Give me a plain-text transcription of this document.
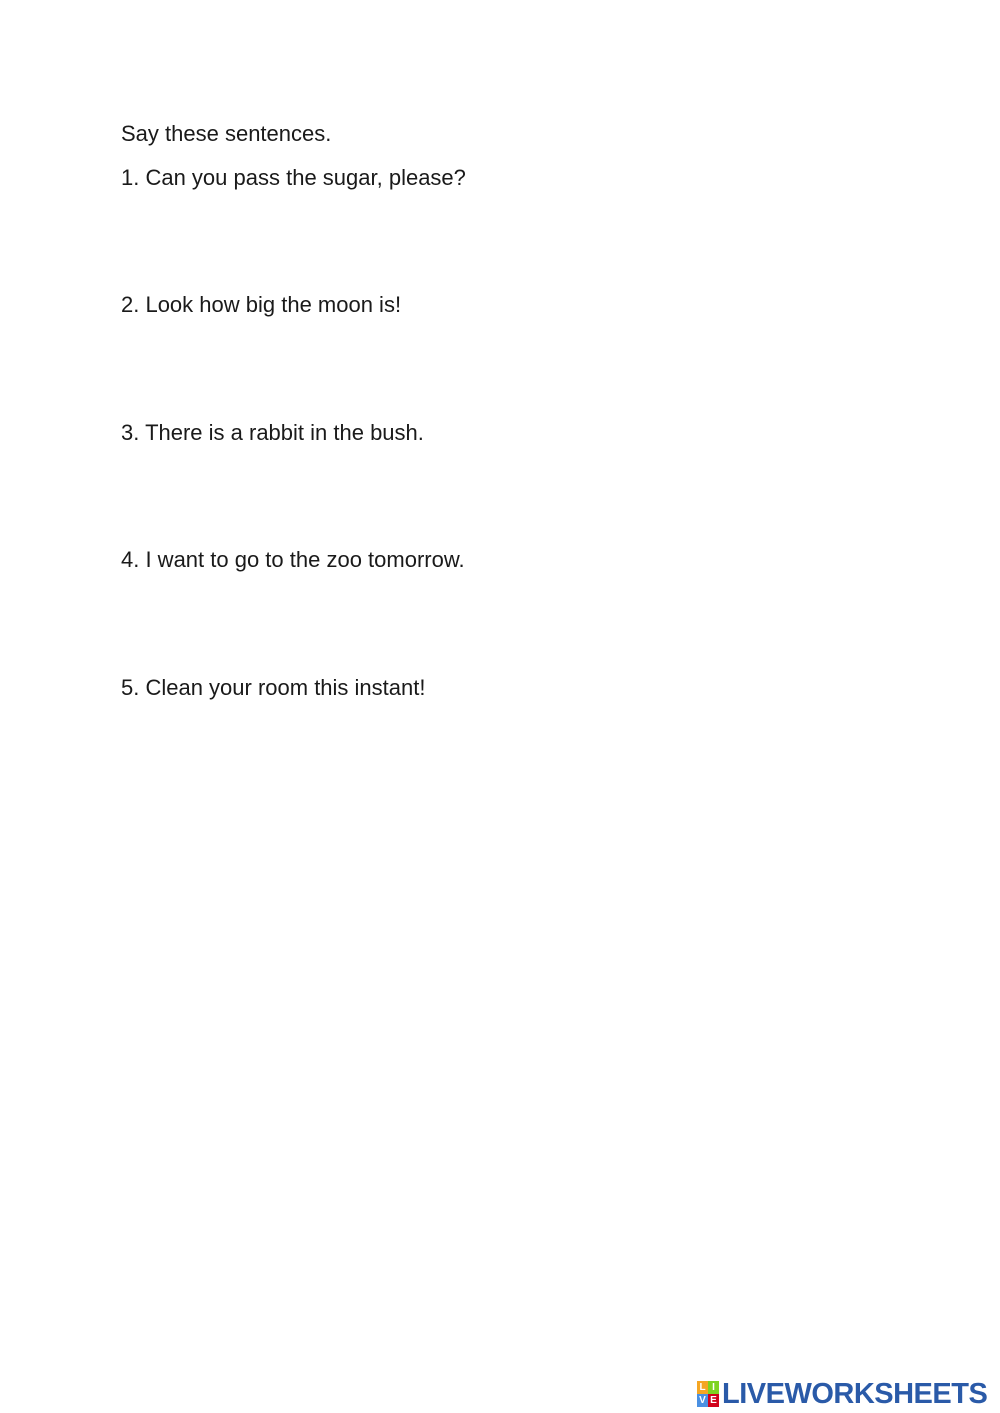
Say these sentences.
1. Can you pass the sugar, please?
2. Look how big the moon is!
3. There is a rabbit in the bush.
4. I want to go to the zoo tomorrow.
5. Clean your room this instant!
L I
V E LIVEWORKSHEETS
